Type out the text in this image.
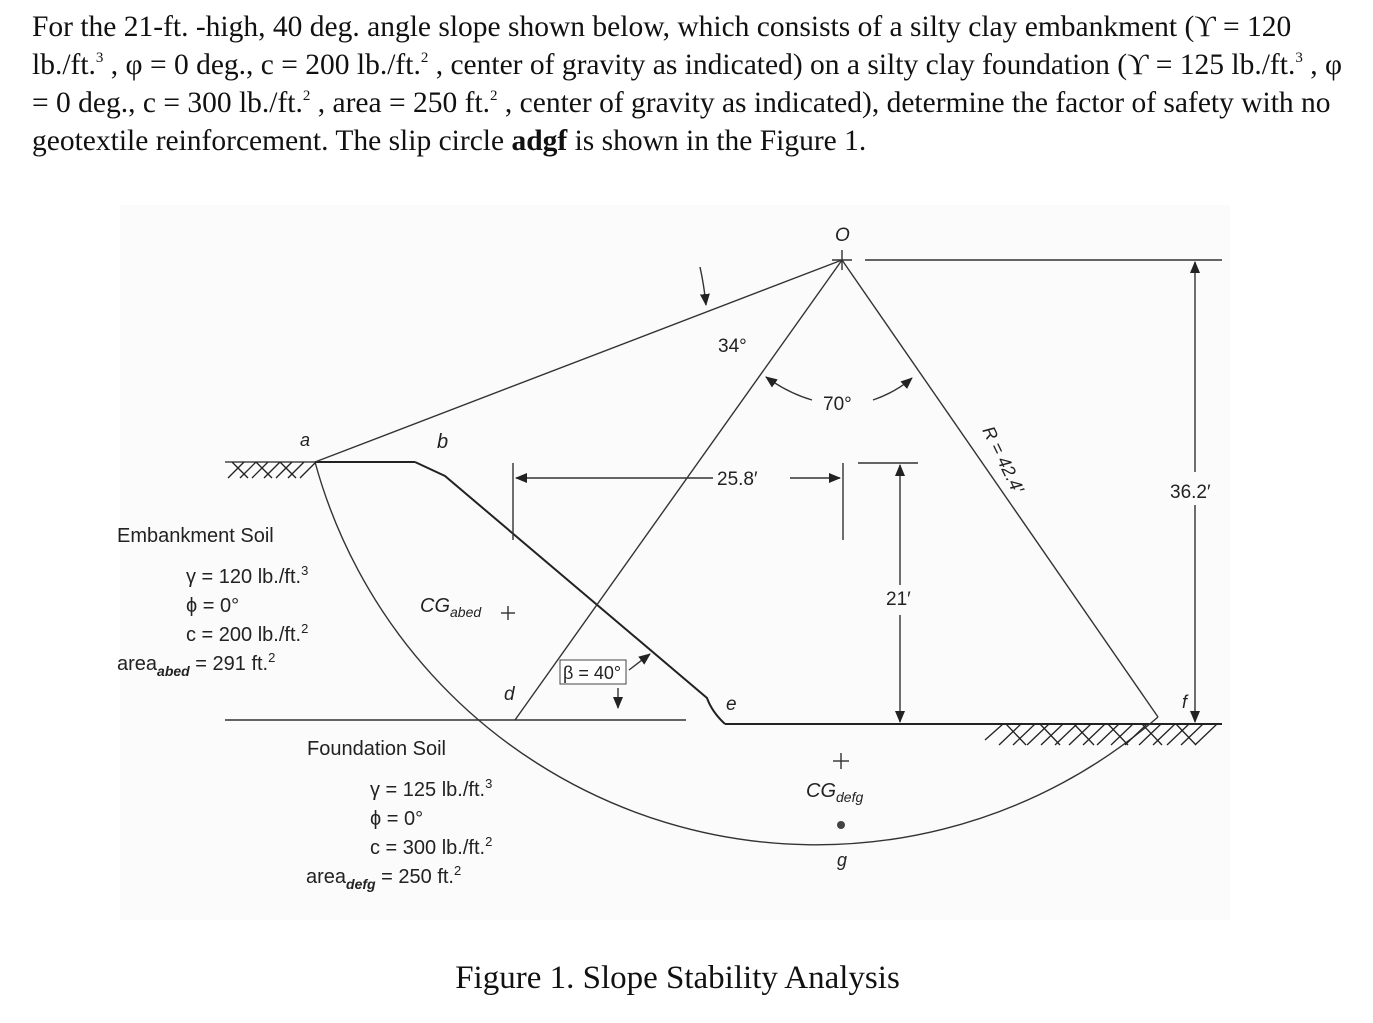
For the 21-ft. -high, 40 deg. angle slope shown below, which consists of a silty clay embankment (ϒ = 120 lb./ft.$^3$ , φ = 0 deg., c = 200 lb./ft.$^2$ , center of gravity as indicated) on a silty clay foundation (ϒ = 125 lb./ft.$^3$ , φ = 0 deg., c = 300 lb./ft.$^2$ , area = 250 ft.$^2$ , center of gravity as indicated), determine the factor of safety with no geotextile reinforcement. The slip circle adgf is shown in the Figure 1.
O
a	b
d	e	f
g
34°
70°
25.8′
21′
36.2′
R = 42.4′
$CG_{abed}$
β = 40°
$CG_{defg}$
Embankment Soil
γ = 120 lb./ft.$^3$
ϕ = 0°
c = 200 lb./ft.$^2$
area$_{abed}$ = 291 ft.$^2$
Foundation Soil
γ = 125 lb./ft.$^3$
ϕ = 0°
c = 300 lb./ft.$^2$
area$_{defg}$ = 250 ft.$^2$
Figure 1. Slope Stability Analysis
